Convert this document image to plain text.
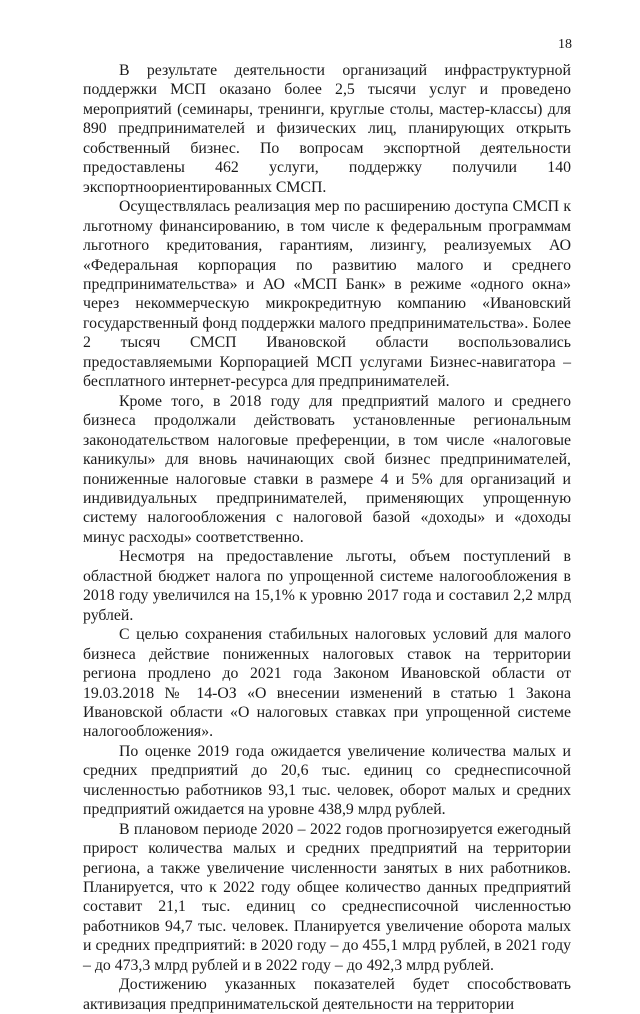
18

В результате деятельности организаций инфраструктурной поддержки МСП оказано более 2,5 тысячи услуг и проведено мероприятий (семинары, тренинги, круглые столы, мастер-классы) для 890 предпринимателей и физических лиц, планирующих открыть собственный бизнес. По вопросам экспортной деятельности предоставлены 462 услуги, поддержку получили 140 экспортноориентированных СМСП.

Осуществлялась реализация мер по расширению доступа СМСП к льготному финансированию, в том числе к федеральным программам льготного кредитования, гарантиям, лизингу, реализуемых АО «Федеральная корпорация по развитию малого и среднего предпринимательства» и АО «МСП Банк» в режиме «одного окна» через некоммерческую микрокредитную компанию «Ивановский государственный фонд поддержки малого предпринимательства». Более 2 тысяч СМСП Ивановской области воспользовались предоставляемыми Корпорацией МСП услугами Бизнес-навигатора – бесплатного интернет-ресурса для предпринимателей.

Кроме того, в 2018 году для предприятий малого и среднего бизнеса продолжали действовать установленные региональным законодательством налоговые преференции, в том числе «налоговые каникулы» для вновь начинающих свой бизнес предпринимателей, пониженные налоговые ставки в размере 4 и 5% для организаций и индивидуальных предпринимателей, применяющих упрощенную систему налогообложения с налоговой базой «доходы» и «доходы минус расходы» соответственно.

Несмотря на предоставление льготы, объем поступлений в областной бюджет налога по упрощенной системе налогообложения в 2018 году увеличился на 15,1% к уровню 2017 года и составил 2,2 млрд рублей.

С целью сохранения стабильных налоговых условий для малого бизнеса действие пониженных налоговых ставок на территории региона продлено до 2021 года Законом Ивановской области от 19.03.2018 № 14-ОЗ «О внесении изменений в статью 1 Закона Ивановской области «О налоговых ставках при упрощенной системе налогообложения».

По оценке 2019 года ожидается увеличение количества малых и средних предприятий до 20,6 тыс. единиц со среднесписочной численностью работников 93,1 тыс. человек, оборот малых и средних предприятий ожидается на уровне 438,9 млрд рублей.

В плановом периоде 2020 – 2022 годов прогнозируется ежегодный прирост количества малых и средних предприятий на территории региона, а также увеличение численности занятых в них работников. Планируется, что к 2022 году общее количество данных предприятий составит 21,1 тыс. единиц со среднесписочной численностью работников 94,7 тыс. человек. Планируется увеличение оборота малых и средних предприятий: в 2020 году – до 455,1 млрд рублей, в 2021 году – до 473,3 млрд рублей и в 2022 году – до 492,3 млрд рублей.

Достижению указанных показателей будет способствовать активизация предпринимательской деятельности на территории
